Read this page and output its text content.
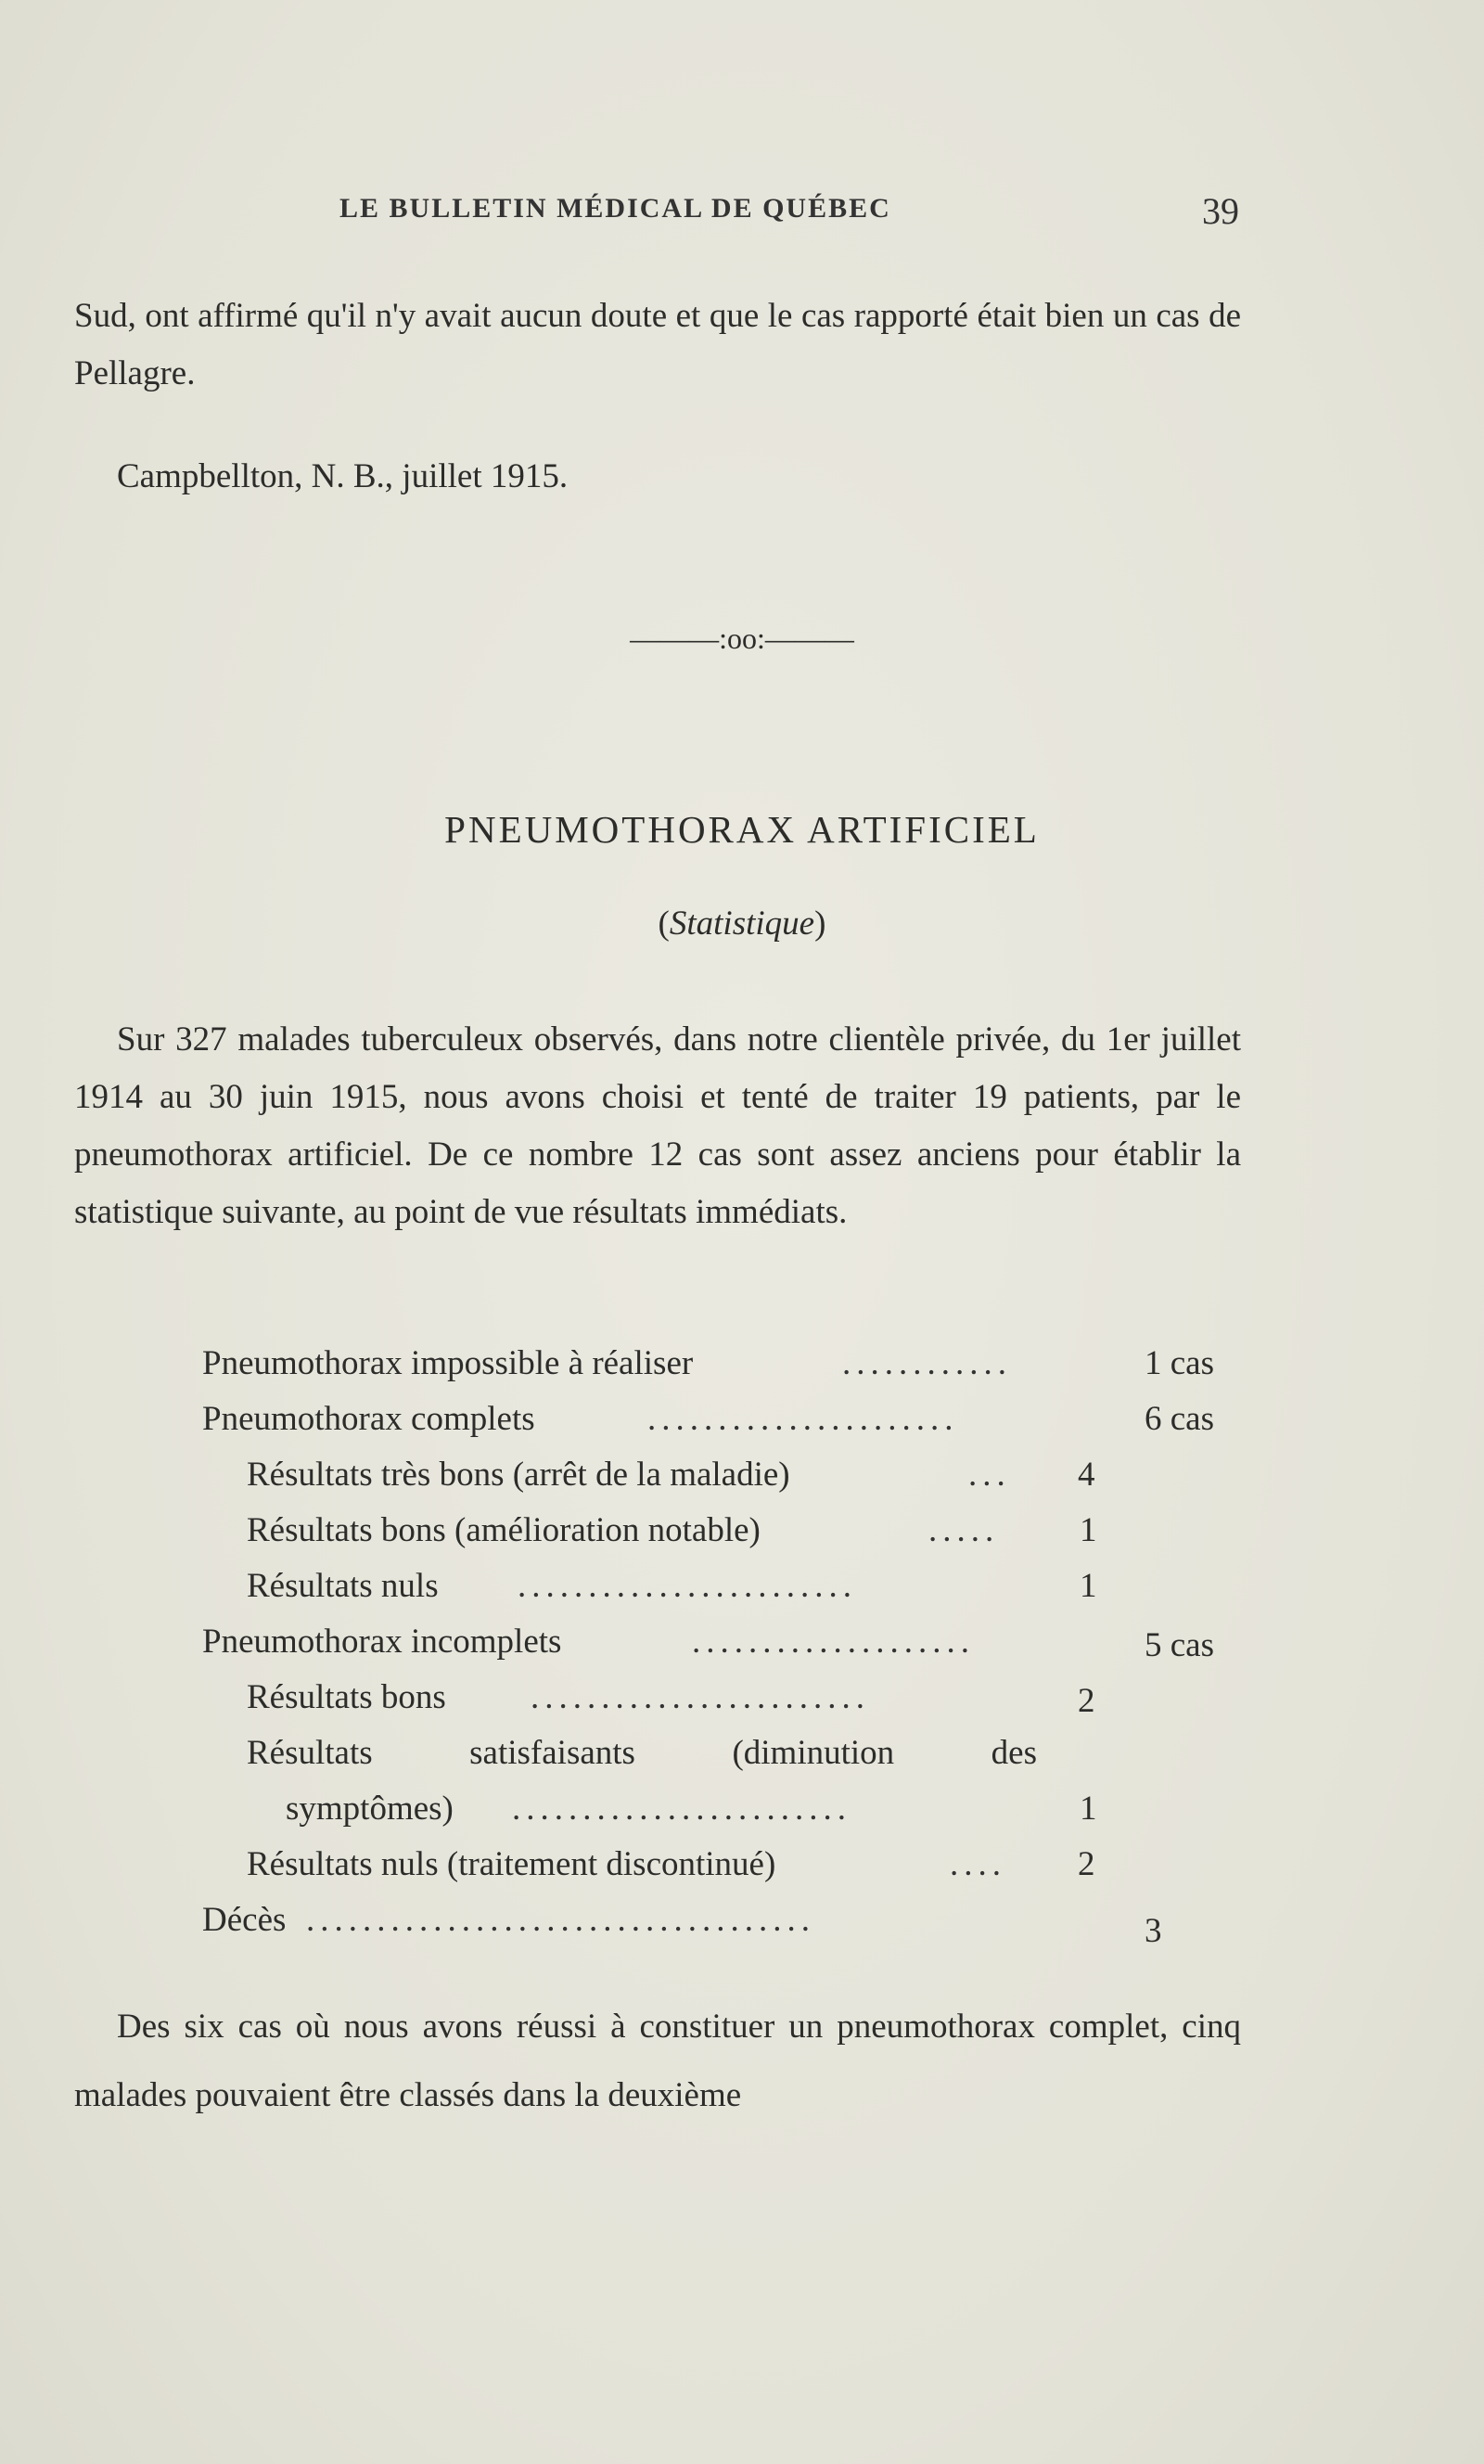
LE BULLETIN MÉDICAL DE QUÉBEC	39

Sud, ont affirmé qu'il n'y avait aucun doute et que le cas rapporté était bien un cas de Pellagre.

Campbellton, N. B., juillet 1915.
———:oo:———
PNEUMOTHORAX ARTIFICIEL
(Statistique)

Sur 327 malades tuberculeux observés, dans notre clientèle privée, du 1er juillet 1914 au 30 juin 1915, nous avons choisi et tenté de traiter 19 patients, par le pneumothorax artificiel. De ce nombre 12 cas sont assez anciens pour établir la statistique suivante, au point de vue résultats immédiats.

Pneumothorax impossible à réaliser	............	1 cas
Pneumothorax complets	......................	6 cas
Résultats très bons (arrêt de la maladie)	...	4
Résultats bons (amélioration notable)	.....	1
Résultats nuls ........................	1
Pneumothorax incomplets	....................	5 cas
Résultats bons ........................	2
Résultats satisfaisants (diminution des
symptômes) ........................	1
Résultats nuls (traitement discontinué)	....	2
Décès ....................................	3

Des six cas où nous avons réussi à constituer un pneumothorax complet, cinq malades pouvaient être classés dans la deuxième
